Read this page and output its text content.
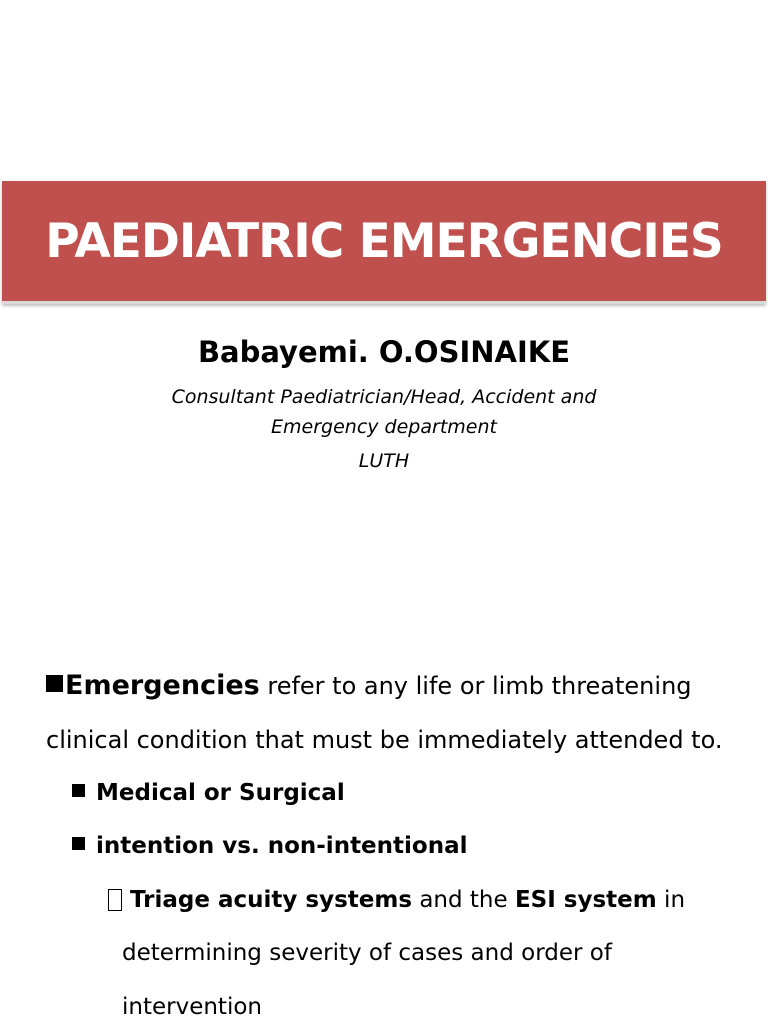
PAEDIATRIC EMERGENCIES
Babayemi. O.OSINAIKE
Consultant Paediatrician/Head, Accident and
Emergency department
LUTH
Emergencies refer to any life or limb threatening
clinical condition that must be immediately attended to.
Medical or Surgical
intention vs. non-intentional
Triage acuity systems and the ESI system in
determining severity of cases and order of
intervention
